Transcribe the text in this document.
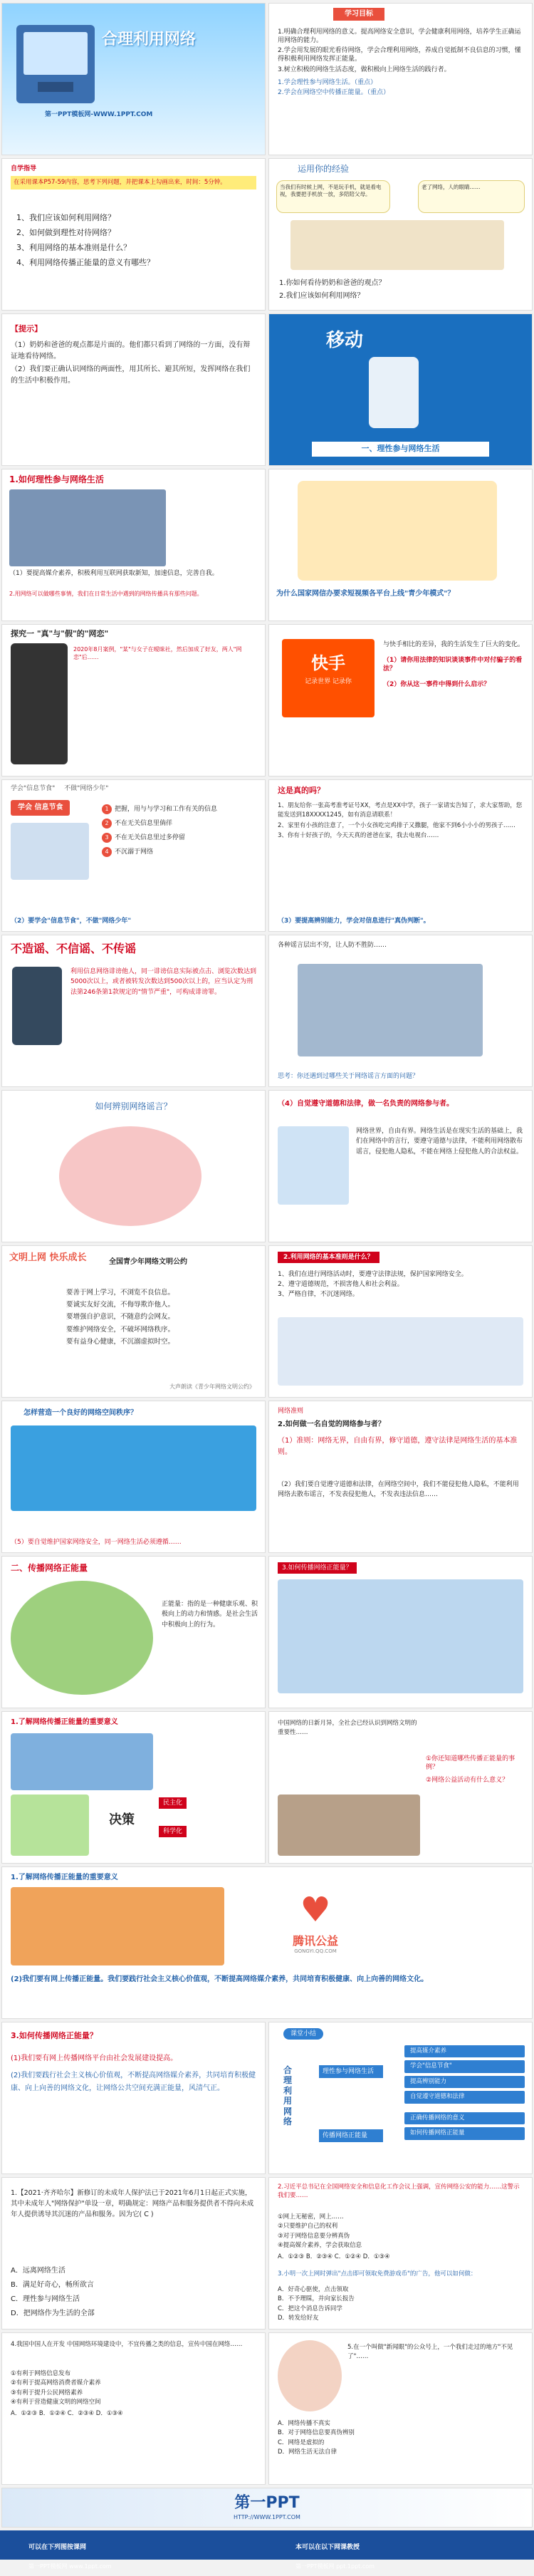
合理利用网络
第一PPT模板网-WWW.1PPT.COM
学习目标

1.明确合理利用网络的意义。提高网络安全意识，学会健康利用网络，培养学生正确运用网络的能力。

2.学会用发展的眼光看待网络，学会合理利用网络，养成自觉抵制不良信息的习惯，懂得积极利用网络发挥正能量。

3.树立积极的网络生活态度，做积极向上网络生活的践行者。

1.学会理性参与网络生活。（重点）

2.学会在网络空中传播正能量。（重点）

自学指导
在采用课本P57-59内容，思考下列问题，并把课本上勾画出来，时间：5分钟。

1、我们应该如何利用网络？

2、如何做到理性对待网络？

3、利用网络的基本准则是什么？

4、利用网络传播正能量的意义有哪些？

运用你的经验
当我们有时候上网，不是玩手机，就是看电视，我要把手机放一放，多陪陪父母。
老了网络，人的眼睛……
1.你如何看待奶奶和爸爸的观点？
2.我们应该如何利用网络？
【提示】

（1）奶奶和爸爸的观点都是片面的。他们都只看到了网络的一方面，没有辩证地看待网络。

（2）我们要正确认识网络的两面性，用其所长、避其所短，发挥网络在我们的生活中积极作用。

移动
一、理性参与网络生活
1.如何理性参与网络生活
（1）要提高媒介素养，积极利用互联网获取新知，加速信息，完善自我。
2.用网络可以做哪些事情，我们在日常生活中遇到的网络传播具有那些问题。	为什么国家网信办要求短视频各平台上线"青少年模式"？
探究一 "真"与"假"的"网恋"
2020年8月案例，"某"与女子在暧昧社，然后加成了好友，两人"网恋"后……	快手
记录世界 记录你

与快手相比的差异，我的生活发生了巨大的变化。

（1）请你用法律的知识谈谈事件中对付骗子的看法？

（2）你从这一事件中得到什么启示？

学会"信息节食" 不做"网络少年"
学会 信息节食	1 把握，用与与学习和工作有关的信息
2 不在无关信息里倘徉
3 不在无关信息里过多停留
4 不沉溺于网络
（2）要学会"信息节食"，不做"网络少年"
这是真的吗？

1、朋友给你一张高考准考证号XX，考点是XX中学，孩子一家请实告知了，求大家帮助，您能发送到18XXXX1245，如有消息请联系！

2、家里有小孩的注意了，一个小女孩吃完鸡排子又撒腿，他家不到6小小小的男孩子……

3、你有十好孩子的，今天天真的爸爸在家，我去电视台……

（3）要提高辨别能力，学会对信息进行"真伪判断"。
不造谣、不信谣、不传谣
利用信息网络诽谤他人，同一诽谤信息实际被点击、浏览次数达到5000次以上，或者被转发次数达到500次以上的，应当认定为刑法第246条第1款规定的"情节严重"，可构成诽谤罪。
各种谣言层出不穷，让人防不胜防……
思考：你还遇到过哪些关于网络谣言方面的问题？
如何辨别网络谣言？	（4）自觉遵守道德和法律，做一名负责的网络参与者。
网络世界，自由有界。网络生活是在现实生活的基础上，我们在网络中的言行，要遵守道德与法律，不能利用网络散布谣言，侵犯他人隐私，不能在网络上侵犯他人的合法权益。
文明上网 快乐成长	全国青少年网络文明公约

要善于网上学习，不浏览不良信息。

要诚实友好交流，不侮辱欺诈他人。

要增强自护意识，不随意约会网友。

要维护网络安全，不破坏网络秩序。

要有益身心健康，不沉溺虚拟时空。

大声朗读《青少年网络文明公约》
2.利用网络的基本准则是什么？

1、我们在进行网络活动时，要遵守法律法规，保护国家网络安全。

2、遵守道德规范，不损害他人和社会利益。

3、严格自律，不沉迷网络。

怎样营造一个良好的网络空间秩序？
（5）要自觉维护国家网络安全，同一网络生活必须遵循……
网络准则
2.如何做一名自觉的网络参与者？
（1）准则：网络无界，自由有界，修守道德，遵守法律是网络生活的基本准则。
（2）我们要自觉遵守道德和法律，在网络空间中，我们不能侵犯他人隐私，不能利用网络去散布谣言，不发表侵犯他人，不发表违法信息……
二、传播网络正能量
正能量：指的是一种健康乐观、积极向上的动力和情感。是社会生活中积极向上的行为。
3.如何传播网络正能量？
1.了解网络传播正能量的重要意义
决策
民主化
科学化
中国网络的日新月异，全社会已经认识到网络文明的重要性……
①你还知道哪些传播正能量的事例？
②网络公益活动有什么意义？
1.了解网络传播正能量的重要意义
♥
腾讯公益
GONGYI.QQ.COM
(2)我们要有网上传播正能量。我们要践行社会主义核心价值观，不断提高网络媒介素养，共同培育积极健康、向上向善的网络文化。
3.如何传播网络正能量？

(1)我们要有网上传播网络平台由社会发展建设提高。

(2)我们要践行社会主义核心价值观，不断提高网络媒介素养，共同培育积极健康、向上向善的网络文化，让网络公共空间充满正能量，风清气正。

课堂小结
合理利用网络
理性参与网络生活
传播网络正能量
提高媒介素养
学会"信息节食"
提高辨别能力
自觉遵守道德和法律
正确传播网络的意义
如何传播网络正能量
1.【2021·齐齐哈尔】新修订的未成年人保护法已于2021年6月1日起正式实施，其中未成年人"网络保护"单设一章，明确规定：网络产品和服务提供者不得向未成年人提供诱导其沉迷的产品和服务。因为它( C )

A．远离网络生活

B．满足好奇心，畅所欲言

C．理性参与网络生活

D．把网络作为生活的全部

2.习近平总书记在全国网络安全和信息化工作会议上强调，宣传网络公安的能力……这警示我们要……

①网上无秘密，网上……

②只要维护自己的权利

③对于网络信息要分辨真伪

④提高媒介素养，学会获取信息

A．①②③ B．②③④ C．①②④ D．①③④

3.小明一次上网时弹出"点击即可领取免费游戏币"的广告，他可以如何做：

A．好奇心驱使，点击领取

B．不予理睬，并向家长报告

C．把这个消息告诉同学

D．转发给好友

4.我国中国人在开发 中国网络环境建设中，不宜传播之类的信息，宣传中国在网络……

①有利于网络信息发布

②有利于提高网络消费者媒介素养

③有利于提升公民网络素养

④有利于营造健康文明的网络空间

A．①②③ B．①②④ C．②③④ D．①③④

5.在一个叫做"新闻眼"的公众号上，一个我们走过的地方"不见了"……

A．网络传播不真实

B．对于网络信息要真伪辨别

C．网络是虚拟的

D．网络生活无法自律

第一PPT
HTTP://WWW.1PPT.COM
可以在下列图按课网
第一PPT模板网 www.1ppt.com
本可以在以下网课教授
第一PPT模板网 ppt.1ppt.com
